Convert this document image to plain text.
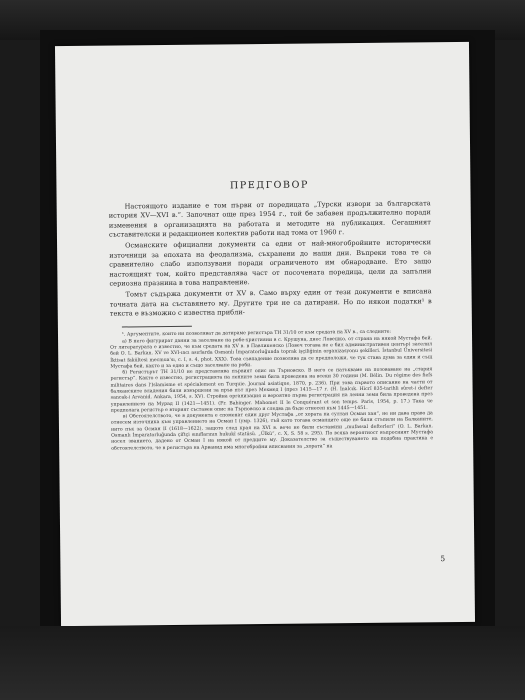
ПРЕДГОВОР

Настоящото издание е том първи от поредицата „Турски извори за българската история XV—XVI в.“. Започнат още през 1954 г., той бе забавен продължително поради изменения в организацията на работата и методите на публикация. Сегашният съставителски и редакционен колектив работи над тома от 1960 г.

Османските официални документи са едни от най-многобройните исторически източници за епохата на феодализма, съхранени до наши дни. Въпреки това те са сравнително слабо използувани поради ограниченото им обнародване. Ето защо настоящият том, който представлява част от посочената поредица, цели да запълни сериозна празнина в това направление.

Томът съдържа документи от XV в. Само върху един от тези документи е вписана точната дата на съставянето му. Другите три не са датирани. Но по някои податки¹ в текста е възможно с известна прибли-

¹. Аргументите, които ни позволяват да датираме регистъра ТН 31/10 от към средата на XV в., са следните:

а) В него фигурират данни за заселване на робе-християни в с. Крушуна, днес Ловешко, от страна на някой Мустафа бей. От литературата е известно, че към средата на XV в. в Павликенско (Ловеч тогава не е бил административен център) заселил бей О. L. Barkan. XV ve XVI-ıncı asırlarda Osmanlı İmparatorluğunda toprak işçiliğinin organizasyonu şekilleri. İstanbul Üniversitesi İktisat fakültesi mecmua'sı, c. I, s. 4, phot. XXX). Това съвпадение позволява да се предположи, че тук става дума за един и същ Мустафа бей, както и за едно и също заселване на роби.

б) Регистърът ТН 31/10 не представлява първият опис на Търновско. В него се натъкваме на позоваване на „стария регистър“. Както е известно, регистрацията на ленните земи била проведена на всеки 30 години (M. Bélin. Du régime des fiefs militaires dans l'Islamisme et spécialement en Turquie. Journal asiatique, 1870, p. 236). При това първото описание на части от балканските владения били извършени за пръв път през Мехмед I (през 1415—17 г. (H. İnalcık. Hicrî 835-tarihli sûret-i defter sancak-i Arvanid. Ankara, 1954, s. XV). Стройна организация и вероятно първа регистрация на ленни земи била проведена през управлението на Мурад II (1421—1451). (Fr. Babinger. Mahomet II le Conquérant et son temps. Paris, 1954, p. 17.) Така че предполага регистър е вторият съставен опис на Търновско и следва да бъде отнесен към 1445—1451.

в) Обстоятелството, че в документа е споменат един друг Мустафа „от хората на султан Осман хан“, не ни дава право да отнесем източника към управлението на Осман I (умр. 1326), тъй като тогава османците още не били стъпили на Балканите, нито пък за Осман II (1618—1622), защото след края на XVI в. вече не били съставяни „mufassal defterleri“ (O. L. Barkan. Osmanlı İmparatorluğunda çiftçi sınıflarının hukukî statüsü. „Ülkü“, c. X, S. 58 s. 295). По всяка вероятност въпросният Мустафа носел званието, дадено от Осман I на някой от предците му. Доказателство за съществуването на подобна практика е обстоятелството, че в регистъра на Арванид има многобройни вписвания за „хората“ на

5
